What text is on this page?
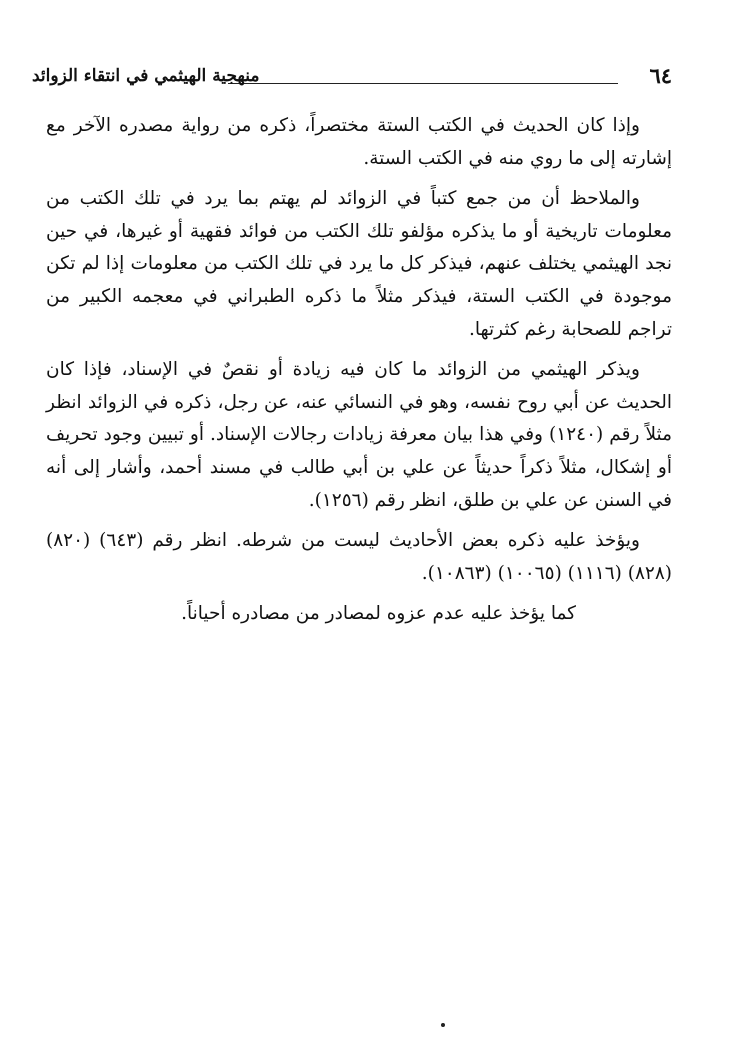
٦٤
منهجية الهيثمي في انتقاء الزوائد

وإذا كان الحديث في الكتب الستة مختصراً، ذكره من رواية مصدره الآخر مع إشارته إلى ما روي منه في الكتب الستة.

والملاحظ أن من جمع كتباً في الزوائد لم يهتم بما يرد في تلك الكتب من معلومات تاريخية أو ما يذكره مؤلفو تلك الكتب من فوائد فقهية أو غيرها، في حين نجد الهيثمي يختلف عنهم، فيذكر كل ما يرد في تلك الكتب من معلومات إذا لم تكن موجودة في الكتب الستة، فيذكر مثلاً ما ذكره الطبراني في معجمه الكبير من تراجم للصحابة رغم كثرتها.

ويذكر الهيثمي من الزوائد ما كان فيه زيادة أو نقصٌ في الإسناد، فإذا كان الحديث عن أبي روح نفسه، وهو في النسائي عنه، عن رجل، ذكره في الزوائد انظر مثلاً رقم (١٢٤٠) وفي هذا بيان معرفة زيادات رجالات الإسناد. أو تبيين وجود تحريف أو إشكال، مثلاً ذكراً حديثاً عن علي بن أبي طالب في مسند أحمد، وأشار إلى أنه في السنن عن علي بن طلق، انظر رقم (١٢٥٦).

ويؤخذ عليه ذكره بعض الأحاديث ليست من شرطه. انظر رقم (٦٤٣) (٨٢٠) (٨٢٨) (١١١٦) (١٠٠٦٥) (١٠٨٦٣).

كما يؤخذ عليه عدم عزوه لمصادر من مصادره أحياناً.
